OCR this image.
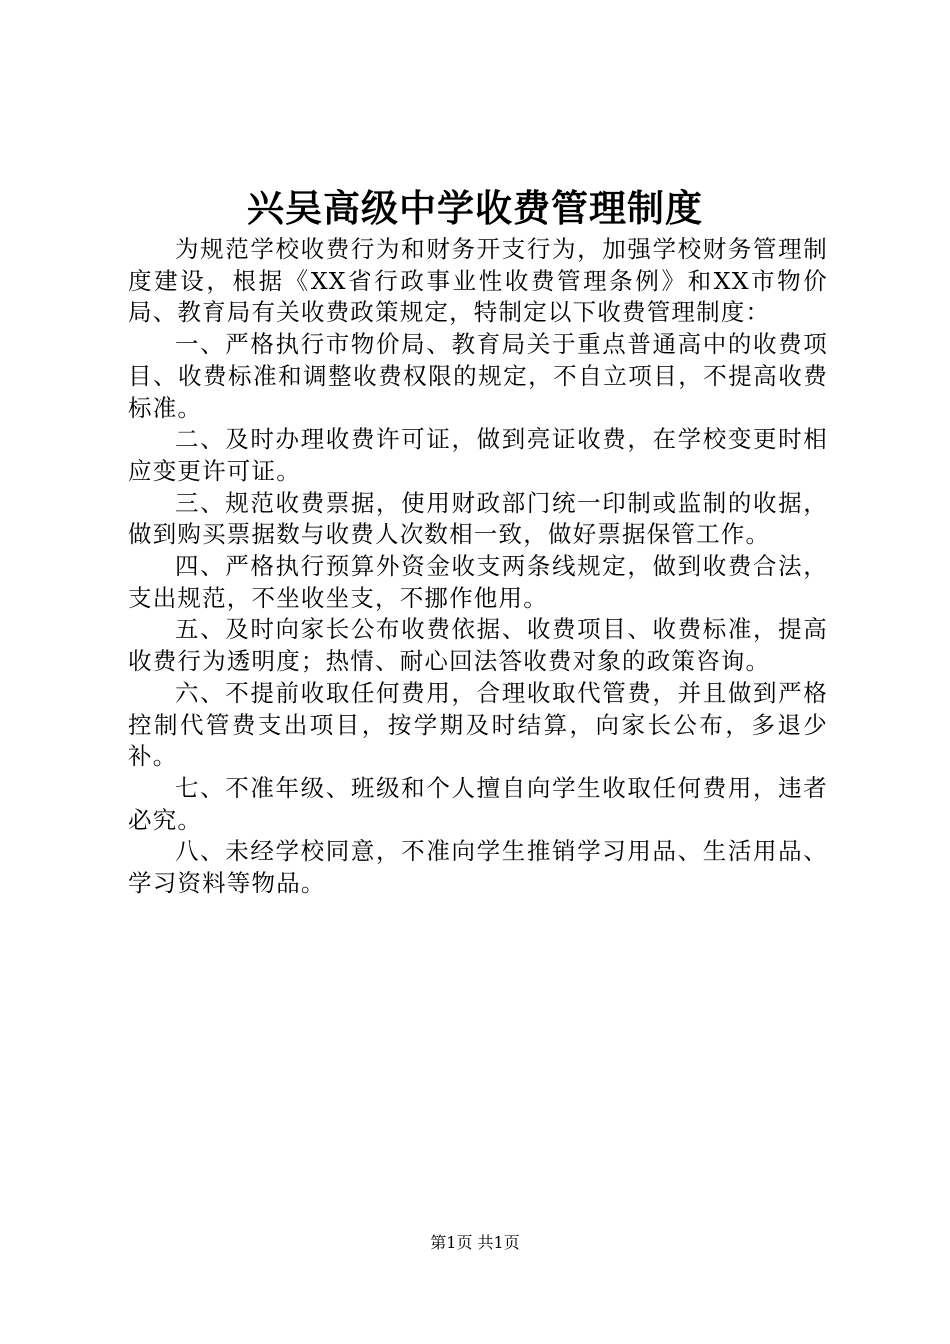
兴吴高级中学收费管理制度

为规范学校收费行为和财务开支行为，加强学校财务管理制度建设，根据《XX省行政事业性收费管理条例》和XX市物价局、教育局有关收费政策规定，特制定以下收费管理制度：

一、严格执行市物价局、教育局关于重点普通高中的收费项目、收费标准和调整收费权限的规定，不自立项目，不提高收费标准。

二、及时办理收费许可证，做到亮证收费，在学校变更时相应变更许可证。

三、规范收费票据，使用财政部门统一印制或监制的收据，做到购买票据数与收费人次数相一致，做好票据保管工作。

四、严格执行预算外资金收支两条线规定，做到收费合法，支出规范，不坐收坐支，不挪作他用。

五、及时向家长公布收费依据、收费项目、收费标准，提高收费行为透明度；热情、耐心回法答收费对象的政策咨询。

六、不提前收取任何费用，合理收取代管费，并且做到严格控制代管费支出项目，按学期及时结算，向家长公布，多退少补。

七、不准年级、班级和个人擅自向学生收取任何费用，违者必究。

八、未经学校同意，不准向学生推销学习用品、生活用品、学习资料等物品。

第1页 共1页
